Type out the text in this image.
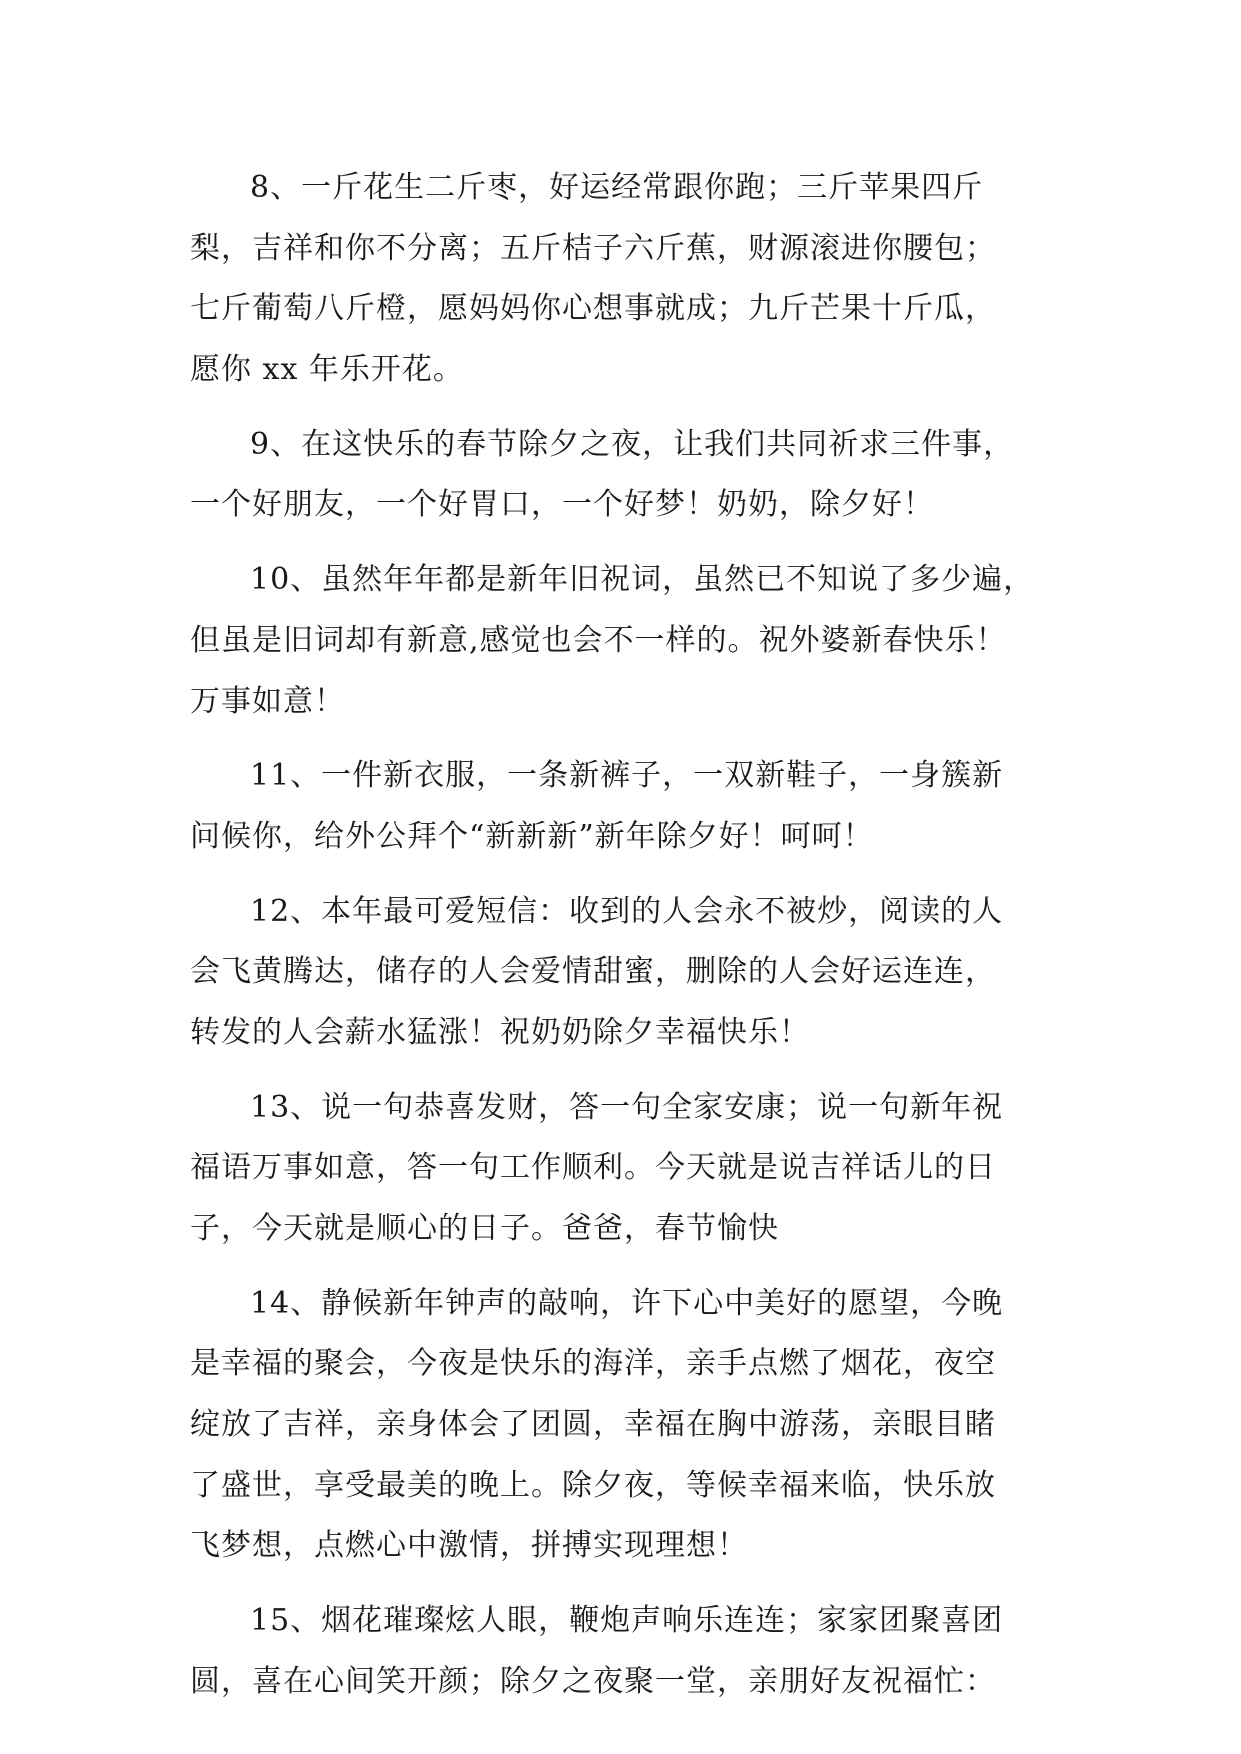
8、一斤花生二斤枣，好运经常跟你跑；三斤苹果四斤
梨，吉祥和你不分离；五斤桔子六斤蕉，财源滚进你腰包；
七斤葡萄八斤橙，愿妈妈你心想事就成；九斤芒果十斤瓜，
愿你 xx 年乐开花。
9、在这快乐的春节除夕之夜，让我们共同祈求三件事，
一个好朋友，一个好胃口，一个好梦！奶奶，除夕好！
10、虽然年年都是新年旧祝词，虽然已不知说了多少遍，
但虽是旧词却有新意,感觉也会不一样的。祝外婆新春快乐！
万事如意！
11、一件新衣服，一条新裤子，一双新鞋子，一身簇新
问候你，给外公拜个“新新新”新年除夕好！呵呵！
12、本年最可爱短信：收到的人会永不被炒，阅读的人
会飞黄腾达，储存的人会爱情甜蜜，删除的人会好运连连，
转发的人会薪水猛涨！祝奶奶除夕幸福快乐！
13、说一句恭喜发财，答一句全家安康；说一句新年祝
福语万事如意，答一句工作顺利。今天就是说吉祥话儿的日
子，今天就是顺心的日子。爸爸，春节愉快
14、静候新年钟声的敲响，许下心中美好的愿望，今晚
是幸福的聚会，今夜是快乐的海洋，亲手点燃了烟花，夜空
绽放了吉祥，亲身体会了团圆，幸福在胸中游荡，亲眼目睹
了盛世，享受最美的晚上。除夕夜，等候幸福来临，快乐放
飞梦想，点燃心中激情，拼搏实现理想！
15、烟花璀璨炫人眼，鞭炮声响乐连连；家家团聚喜团
圆，喜在心间笑开颜；除夕之夜聚一堂，亲朋好友祝福忙：
